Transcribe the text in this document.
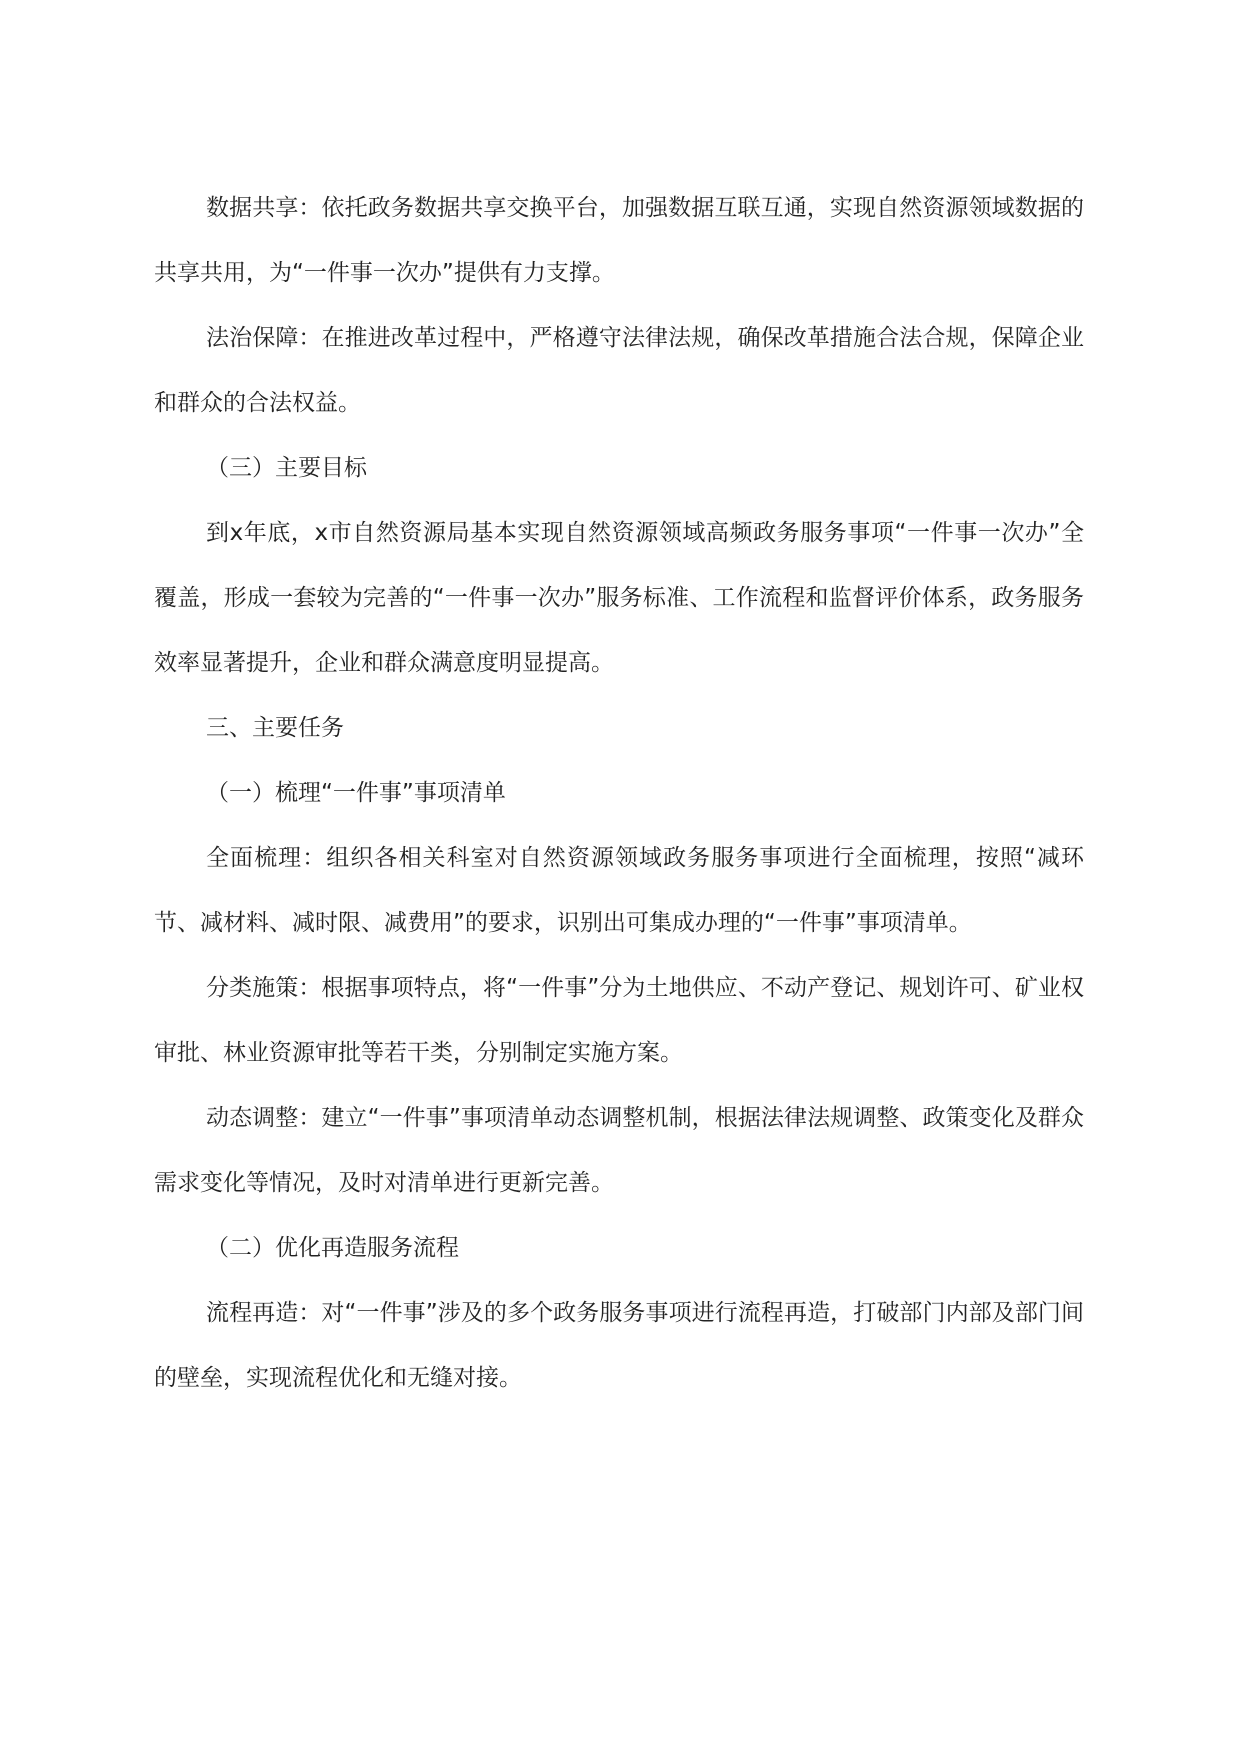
数据共享：依托政务数据共享交换平台，加强数据互联互通，实现自然资源领域数据的共享共用，为“一件事一次办”提供有力支撑。

法治保障：在推进改革过程中，严格遵守法律法规，确保改革措施合法合规，保障企业和群众的合法权益。

（三）主要目标

到x年底，x市自然资源局基本实现自然资源领域高频政务服务事项“一件事一次办”全覆盖，形成一套较为完善的“一件事一次办”服务标准、工作流程和监督评价体系，政务服务效率显著提升，企业和群众满意度明显提高。

三、主要任务

（一）梳理“一件事”事项清单

全面梳理：组织各相关科室对自然资源领域政务服务事项进行全面梳理，按照“减环节、减材料、减时限、减费用”的要求，识别出可集成办理的“一件事”事项清单。

分类施策：根据事项特点，将“一件事”分为土地供应、不动产登记、规划许可、矿业权审批、林业资源审批等若干类，分别制定实施方案。

动态调整：建立“一件事”事项清单动态调整机制，根据法律法规调整、政策变化及群众需求变化等情况，及时对清单进行更新完善。

（二）优化再造服务流程

流程再造：对“一件事”涉及的多个政务服务事项进行流程再造，打破部门内部及部门间的壁垒，实现流程优化和无缝对接。
